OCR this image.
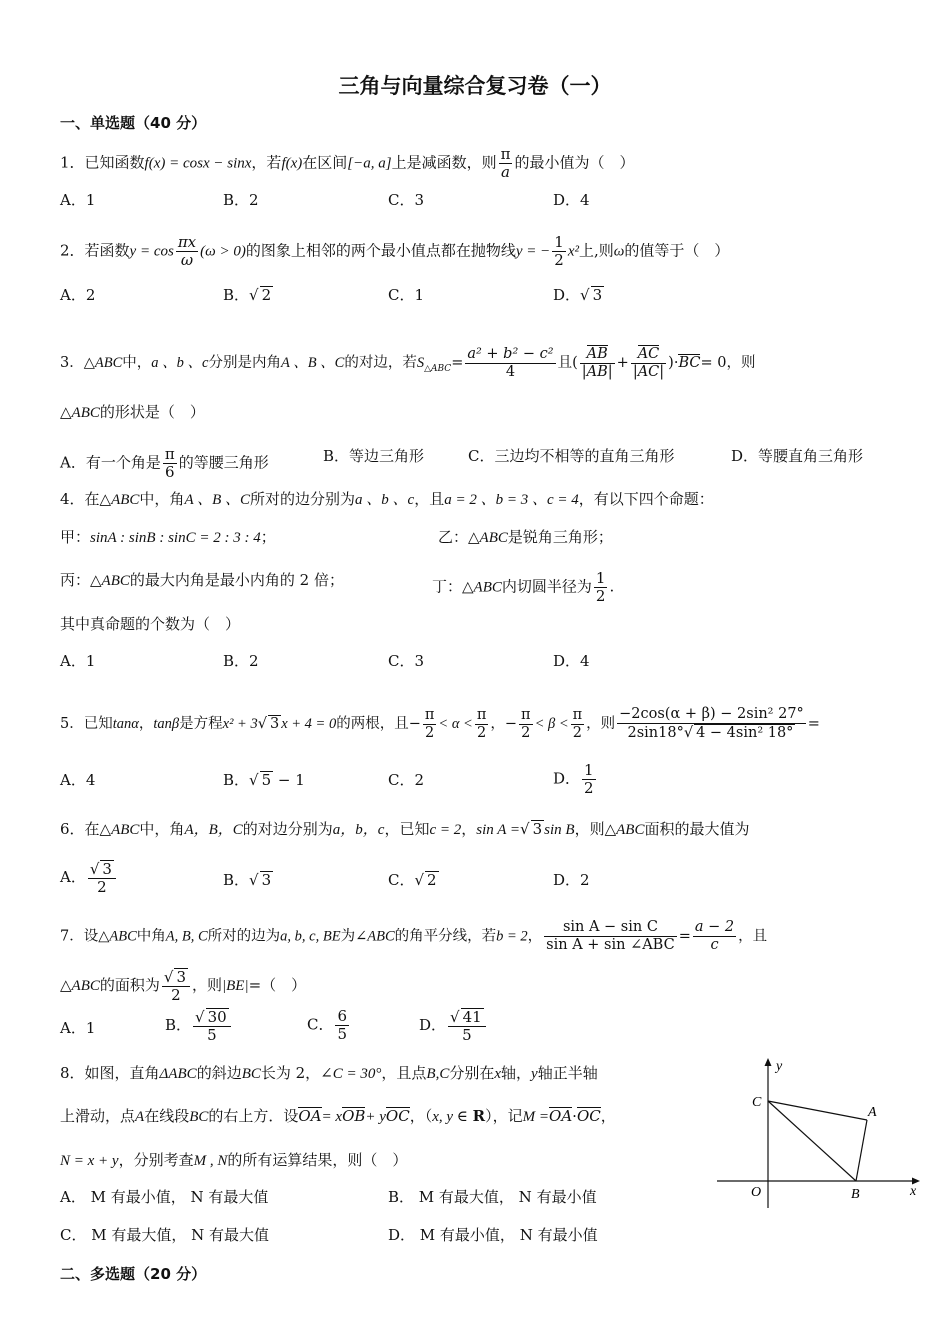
三角与向量综合复习卷（一）
一、单选题（40 分）
1．已知函数f(x) = cosx − sinx，若f(x)在区间[−a, a]上是减函数，则 $\frac{\pi}{a}$ 的最小值为（　）
A．1	B．2	C．3	D．4
2．若函数$y = \cos \frac{\pi x}{\omega} (\omega > 0)$的图象上相邻的两个最小值点都在抛物线y = − $\frac{1}{2} x^2$上,则ω的值等于（　）
A．2	B．√ 2	C．1	D．√ 3
3．△ABC中，a 、b 、c分别是内角A 、B 、C的对边，若$S_{\triangle ABC}= \frac{\text{a² + b² − c²}}{4}$ 且( $\frac{AB}{|AB|} + \frac{AC}{|AC|} )\cdot BC= 0$，则
△ABC的形状是（　）
A．有一个角是 $\frac{\pi}{6}$ 的等腰三角形	B．等边三角形	C．三边均不相等的直角三角形	D．等腰直角三角形
4．在△ABC中，角A 、B 、C所对的边分别为a 、b 、c，且a = 2 、b = 3 、c = 4，有以下四个命题：
甲：sinA : sinB : sinC = 2 : 3 : 4；	乙：△ABC是锐角三角形；
丙：△ABC的最大内角是最小内角的 2 倍；	丁：△ABC内切圆半径为 $\frac{1}{2}$ .
其中真命题的个数为（　）
A．1	B．2	C．3	D．4
5．已知tanα，tanβ是方程x² + 3√ 3 x + 4 = 0的两根，且− $\frac{\pi}{2} < \alpha < \frac{\pi}{2}$ ，− $\frac{\pi}{2} < \beta < \frac{\pi}{2}$ ，则 $\frac{\text{−2cos(α + β) − 2sin² 27°}}{\text{2sin18°√ 4 − 4sin² 18°}}$ =
A．4	B．√ 5 − 1	C．2	D． $\frac{1}{2}$
6．在△ABC中，角A，B，C的对边分别为a，b，c，已知c = 2，sin A =√ 3 sin B，则△ABC面积的最大值为
A． $\frac{√ 3}{2}$	B．√ 3	C．√ 2	D．2
7．设△ABC中角A, B, C所对的边为a, b, c, BE为∠ABC的角平分线，若b = 2， $\frac{\text{sin A − sin C}}{\text{sin A + sin ∠ABC}} = \frac{a - 2}{c}$ ，且
△ABC的面积为 $\frac{√ 3}{2}$ ，则|BE|=（　）
A．1	B． $\frac{√ 30}{5}$	C． $\frac{6}{5}$	D． $\frac{√ 41}{5}$
8．如图，直角ΔABC的斜边BC长为 2，∠C = 30°，且点B,C分别在x轴，y轴正半轴
上滑动，点A在线段BC的右上方．设OA= xOB+ yOC，（x, y ∈ R），记M =OA·OC，
N = x + y，分别考查M , N的所有运算结果，则（　）
A． M 有最小值， N 有最大值	B． M 有最大值， N 有最小值
C． M 有最大值， N 有最大值	D． M 有最小值， N 有最小值
y
x
C
A
O	B
二、多选题（20 分）
